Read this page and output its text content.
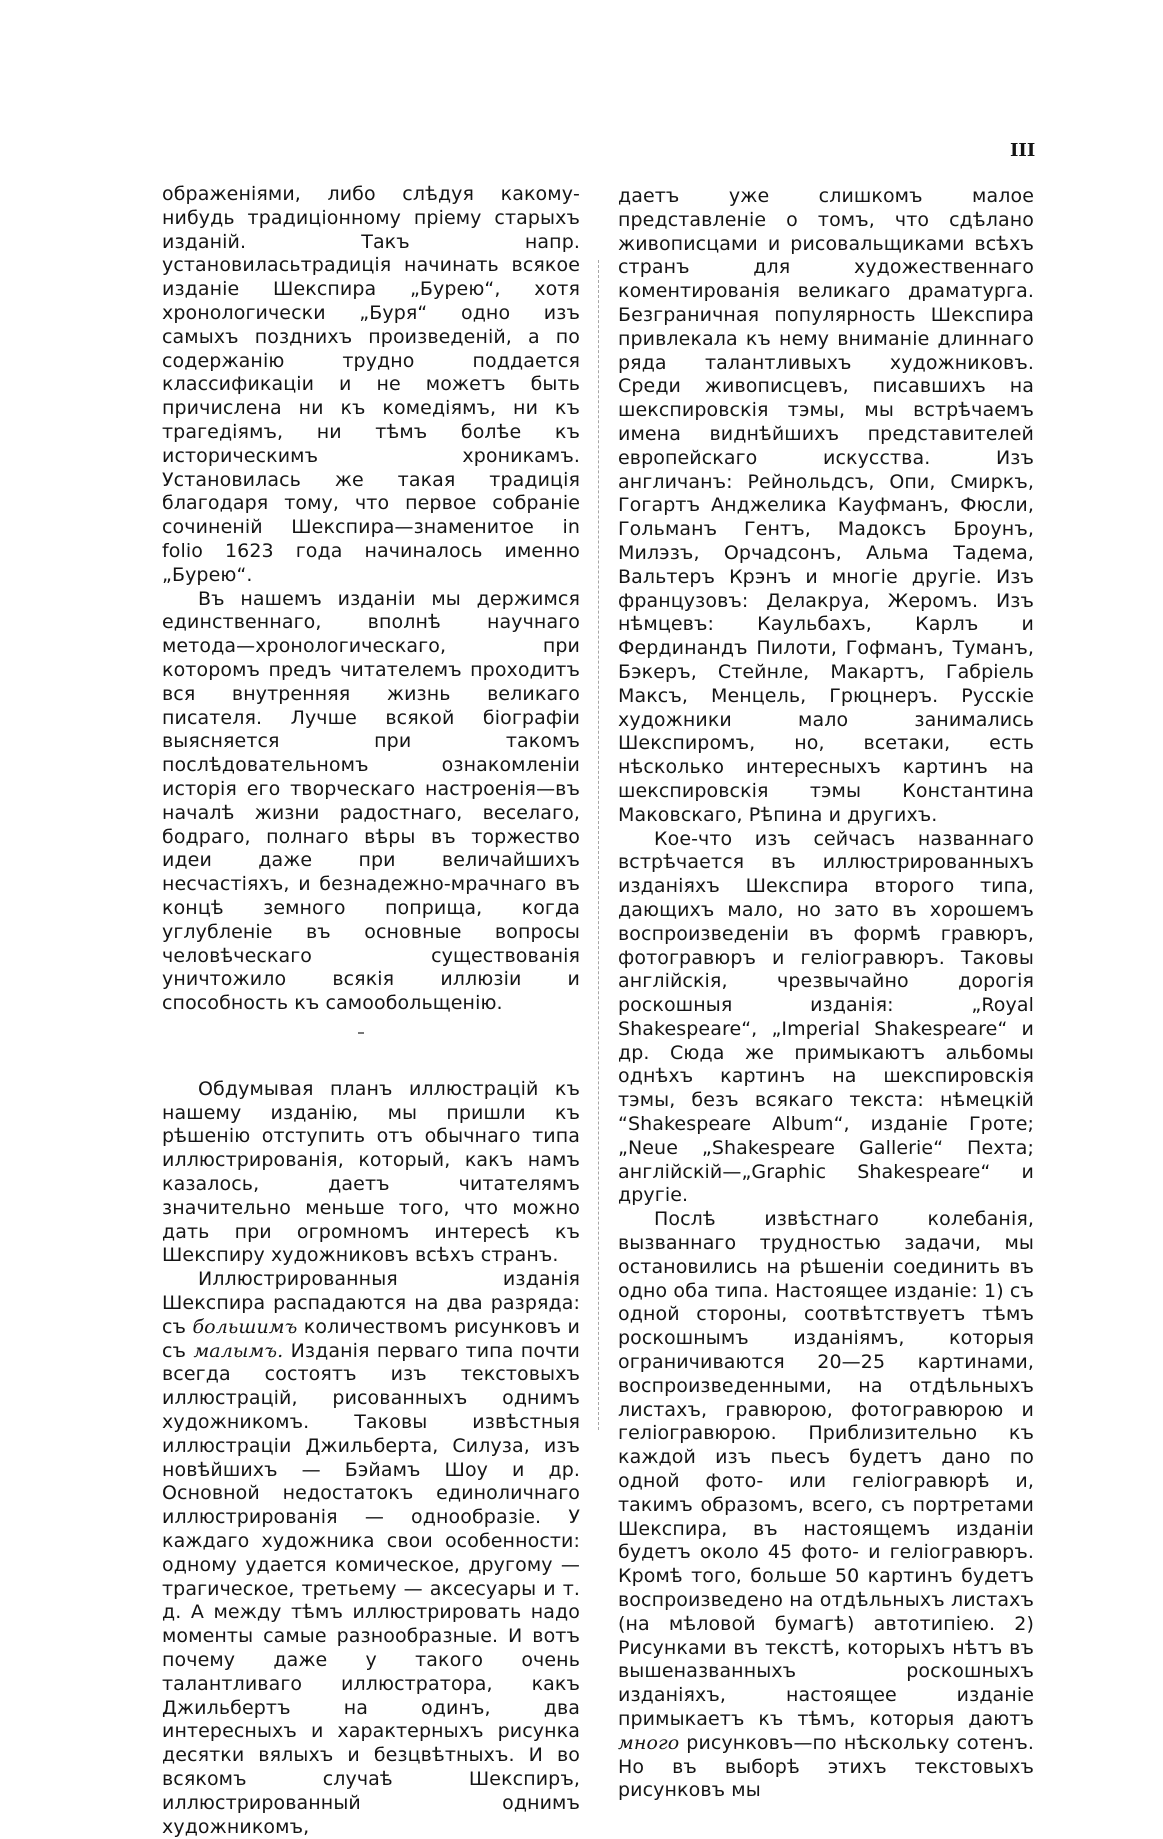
III

ображеніями, либо слѣдуя какому-нибудь традиціонному пріему старыхъ изданій. Такъ напр. установиласьтрадиція начинать всякое изданіе Шекспира „Бурею“, хотя хронологически „Буря“ одно изъ самыхъ позднихъ произведеній, а по содержанію трудно поддается классификаціи и не можетъ быть причислена ни къ комедіямъ, ни къ трагедіямъ, ни тѣмъ болѣе къ историческимъ хроникамъ. Установилась же такая традиція благодаря тому, что первое собраніе сочиненій Шекспира—знаменитое in folio 1623 года начиналось именно „Бурею“.

Въ нашемъ изданіи мы держимся единственнаго, вполнѣ научнаго метода—хронологическаго, при которомъ предъ читателемъ проходитъ вся внутренняя жизнь великаго писателя. Лучше всякой біографіи выясняется при такомъ послѣдовательномъ ознакомленіи исторія его творческаго настроенія—въ началѣ жизни радостнаго, веселаго, бодраго, полнаго вѣры въ торжество идеи даже при величайшихъ несчастіяхъ, и безнадежно-мрачнаго въ концѣ земного поприща, когда углубленіе въ основные вопросы человѣческаго существованія уничтожило всякія иллюзіи и способность къ самообольщенію.

Обдумывая планъ иллюстрацій къ нашему изданію, мы пришли къ рѣшенію отступить отъ обычнаго типа иллюстрированія, который, какъ намъ казалось, даетъ читателямъ значительно меньше того, что можно дать при огромномъ интересѣ къ Шекспиру художниковъ всѣхъ странъ.

Иллюстрированныя изданія Шекспира распадаются на два разряда: съ большимъ количествомъ рисунковъ и съ малымъ. Изданія перваго типа почти всегда состоятъ изъ текстовыхъ иллюстрацій, рисованныхъ однимъ художникомъ. Таковы извѣстныя иллюстраціи Джильберта, Силуза, изъ новѣйшихъ — Бэйамъ Шоу и др. Основной недостатокъ единоличнаго иллюстрированія — однообразіе. У каждаго художника свои особенности: одному удается комическое, другому — трагическое, третьему — аксесуары и т. д. А между тѣмъ иллюстрировать надо моменты самые разнообразные. И вотъ почему даже у такого очень талантливаго иллюстратора, какъ Джильбертъ на одинъ, два интересныхъ и характерныхъ рисунка десятки вялыхъ и безцвѣтныхъ. И во всякомъ случаѣ Шекспиръ, иллюстрированный однимъ художникомъ,

даетъ уже слишкомъ малое представленіе о томъ, что сдѣлано живописцами и рисовальщиками всѣхъ странъ для художественнаго коментированія великаго драматурга. Безграничная популярность Шекспира привлекала къ нему вниманіе длиннаго ряда талантливыхъ художниковъ. Среди живописцевъ, писавшихъ на шекспировскія тэмы, мы встрѣчаемъ имена виднѣйшихъ представителей европейскаго искусства. Изъ англичанъ: Рейнольдсъ, Опи, Смиркъ, Гогартъ Анджелика Кауфманъ, Фюсли, Гольманъ Гентъ, Мадоксъ Броунъ, Милэзъ, Орчадсонъ, Альма Тадема, Вальтеръ Крэнъ и многіе другіе. Изъ французовъ: Делакруа, Жеромъ. Изъ нѣмцевъ: Каульбахъ, Карлъ и Фердинандъ Пилоти, Гофманъ, Туманъ, Бэкеръ, Стейнле, Макартъ, Габріель Максъ, Менцель, Грюцнеръ. Русскіе художники мало занимались Шекспиромъ, но, всетаки, есть нѣсколько интересныхъ картинъ на шекспировскія тэмы Константина Маковскаго, Рѣпина и другихъ.

Кое-что изъ сейчасъ названнаго встрѣчается въ иллюстрированныхъ изданіяхъ Шекспира второго типа, дающихъ мало, но зато въ хорошемъ воспроизведеніи въ формѣ гравюръ, фотогравюръ и геліогравюръ. Таковы англійскія, чрезвычайно дорогія роскошныя изданія: „Royal Shakespeare“, „Imperial Shakespeare“ и др. Сюда же примыкаютъ альбомы однѣхъ картинъ на шекспировскія тэмы, безъ всякаго текста: нѣмецкій “Shakespeare Album“, изданіе Гроте; „Neue „Shakespeare Gallerie“ Пехта; англійскій—„Graphic Shakespeare“ и другіе.

Послѣ извѣстнаго колебанія, вызваннаго трудностью задачи, мы остановились на рѣшеніи соединить въ одно оба типа. Настоящее изданіе: 1) съ одной стороны, соотвѣтствуетъ тѣмъ роскошнымъ изданіямъ, которыя ограничиваются 20—25 картинами, воспроизведенными, на отдѣльныхъ листахъ, гравюрою, фотогравюрою и геліогравюрою. Приблизительно къ каждой изъ пьесъ будетъ дано по одной фото- или геліогравюрѣ и, такимъ образомъ, всего, съ портретами Шекспира, въ настоящемъ изданіи будетъ около 45 фото- и геліогравюръ. Кромѣ того, больше 50 картинъ будетъ воспроизведено на отдѣльныхъ листахъ (на мѣловой бумагѣ) автотипіею. 2) Рисунками въ текстѣ, которыхъ нѣтъ въ вышеназванныхъ роскошныхъ изданіяхъ, настоящее изданіе примыкаетъ къ тѣмъ, которыя даютъ много рисунковъ—по нѣскольку сотенъ. Но въ выборѣ этихъ текстовыхъ рисунковъ мы
